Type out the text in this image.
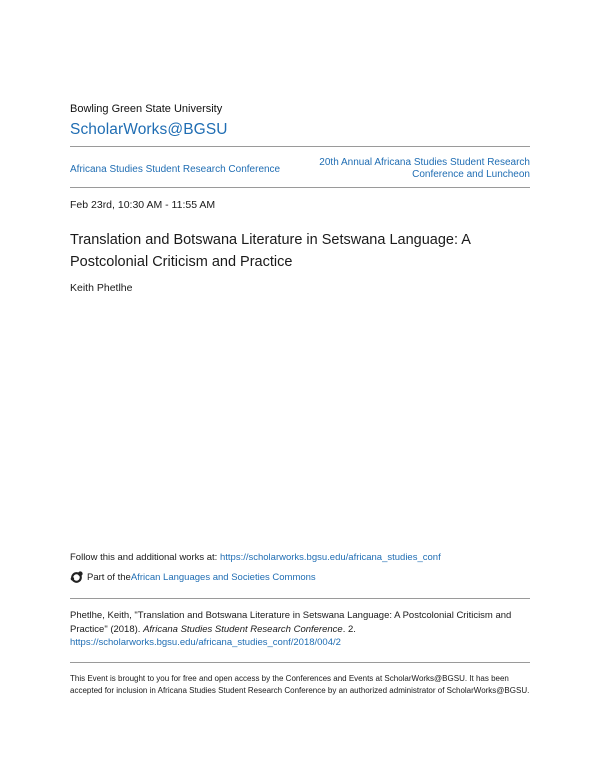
Bowling Green State University
ScholarWorks@BGSU
Africana Studies Student Research Conference
20th Annual Africana Studies Student Research Conference and Luncheon
Feb 23rd, 10:30 AM - 11:55 AM
Translation and Botswana Literature in Setswana Language: A Postcolonial Criticism and Practice
Keith Phetlhe
Follow this and additional works at: https://scholarworks.bgsu.edu/africana_studies_conf
Part of the African Languages and Societies Commons
Phetlhe, Keith, "Translation and Botswana Literature in Setswana Language: A Postcolonial Criticism and Practice" (2018). Africana Studies Student Research Conference. 2.
https://scholarworks.bgsu.edu/africana_studies_conf/2018/004/2
This Event is brought to you for free and open access by the Conferences and Events at ScholarWorks@BGSU. It has been accepted for inclusion in Africana Studies Student Research Conference by an authorized administrator of ScholarWorks@BGSU.
